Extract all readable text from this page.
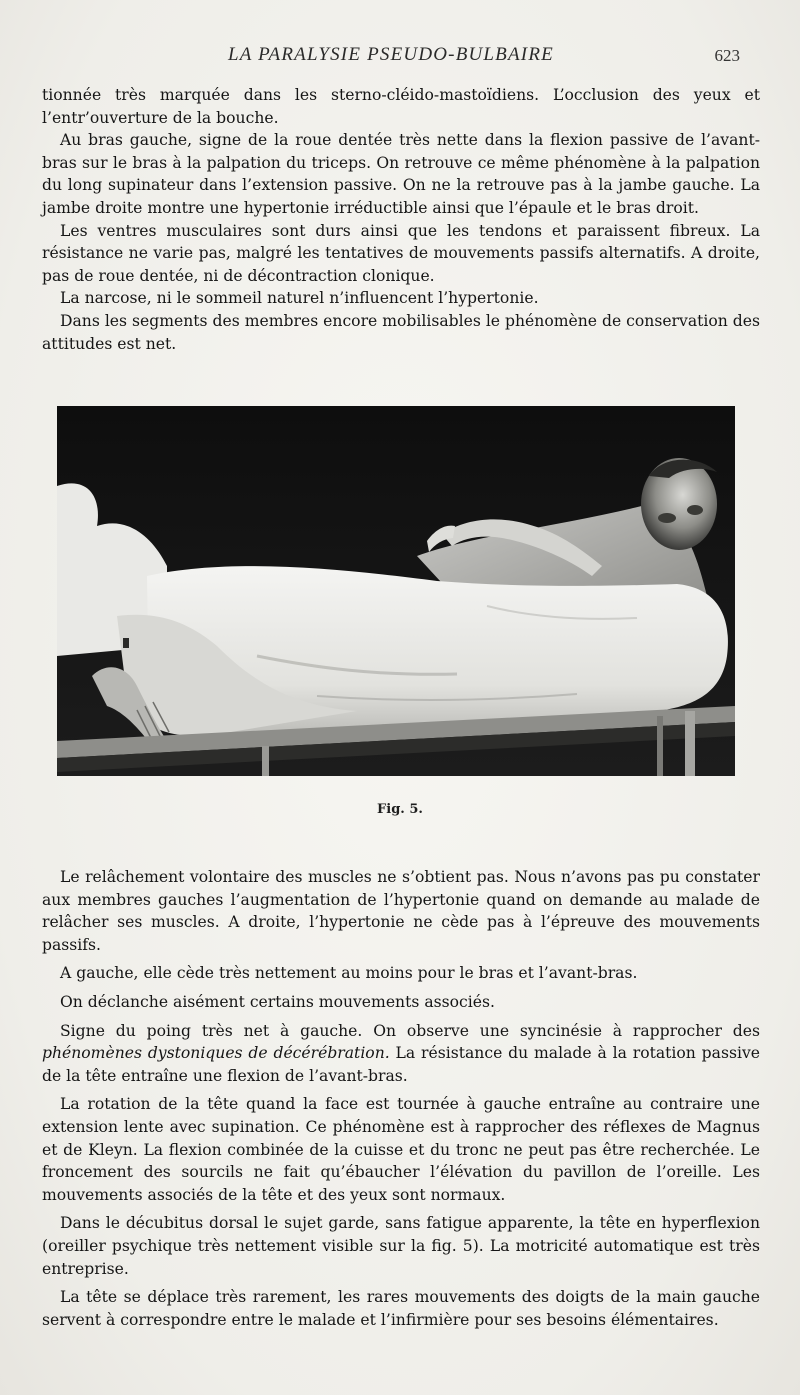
LA PARALYSIE PSEUDO-BULBAIRE	623

tionnée très marquée dans les sterno-cléido-mastoïdiens. L’occlusion des yeux et l’entr’ouverture de la bouche.

Au bras gauche, signe de la roue dentée très nette dans la flexion passive de l’avant-bras sur le bras à la palpation du triceps. On retrouve ce même phénomène à la palpation du long supinateur dans l’extension passive. On ne la retrouve pas à la jambe gauche. La jambe droite montre une hypertonie irréductible ainsi que l’épaule et le bras droit.

Les ventres musculaires sont durs ainsi que les tendons et paraissent fibreux. La résistance ne varie pas, malgré les tentatives de mouvements passifs alternatifs. A droite, pas de roue dentée, ni de décontraction clonique.

La narcose, ni le sommeil naturel n’influencent l’hypertonie.

Dans les segments des membres encore mobilisables le phénomène de conservation des attitudes est net.

Fig. 5.

Le relâchement volontaire des muscles ne s’obtient pas. Nous n’avons pas pu constater aux membres gauches l’augmentation de l’hypertonie quand on demande au malade de relâcher ses muscles. A droite, l’hypertonie ne cède pas à l’épreuve des mouvements passifs.

A gauche, elle cède très nettement au moins pour le bras et l’avant-bras.

On déclanche aisément certains mouvements associés.

Signe du poing très net à gauche. On observe une syncinésie à rapprocher des phénomènes dystoniques de décérébration. La résistance du malade à la rotation passive de la tête entraîne une flexion de l’avant-bras.

La rotation de la tête quand la face est tournée à gauche entraîne au contraire une extension lente avec supination. Ce phénomène est à rapprocher des réflexes de Magnus et de Kleyn. La flexion combinée de la cuisse et du tronc ne peut pas être recherchée. Le froncement des sourcils ne fait qu’ébaucher l’élévation du pavillon de l’oreille. Les mouvements associés de la tête et des yeux sont normaux.

Dans le décubitus dorsal le sujet garde, sans fatigue apparente, la tête en hyperflexion (oreiller psychique très nettement visible sur la fig. 5). La motricité automatique est très entreprise.

La tête se déplace très rarement, les rares mouvements des doigts de la main gauche servent à correspondre entre le malade et l’infirmière pour ses besoins élémentaires.
